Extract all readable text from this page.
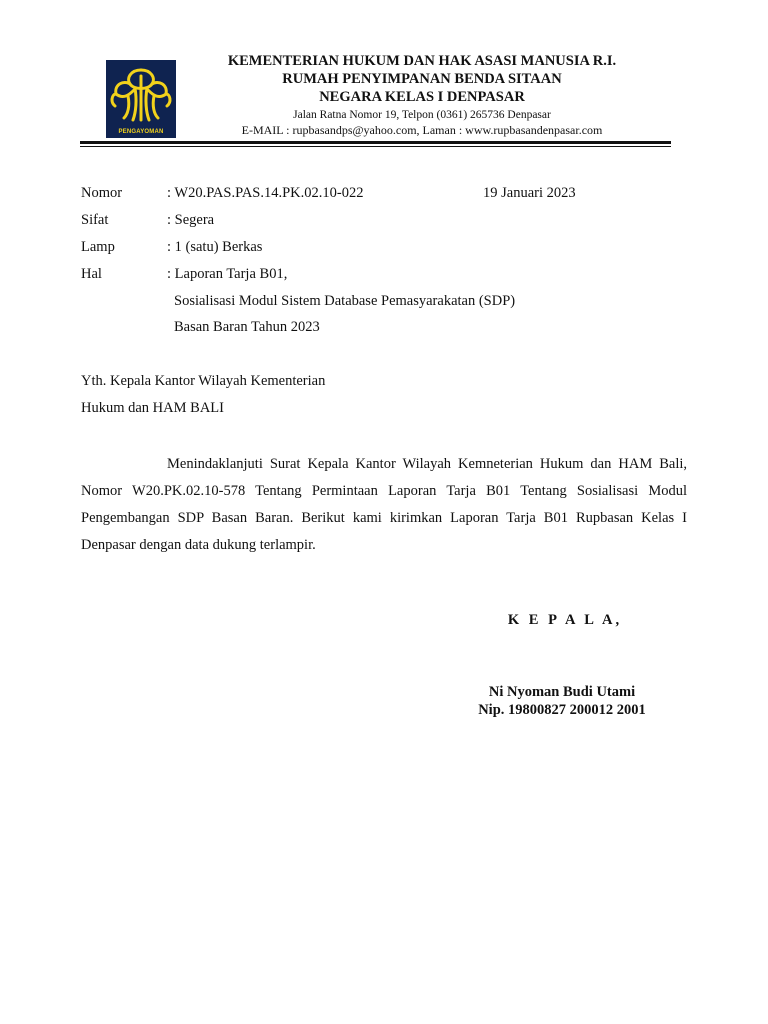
PENGAYOMAN
KEMENTERIAN HUKUM DAN HAK ASASI MANUSIA R.I.
RUMAH PENYIMPANAN BENDA SITAAN
NEGARA KELAS I DENPASAR
Jalan Ratna Nomor 19, Telpon (0361) 265736 Denpasar
E-MAIL : rupbasandps@yahoo.com, Laman : www.rupbasandenpasar.com
Nomor	: W20.PAS.PAS.14.PK.02.10-022	19 Januari 2023
Sifat	: Segera
Lamp	: 1 (satu) Berkas
Hal	: Laporan Tarja B01,
Sosialisasi Modul Sistem Database Pemasyarakatan (SDP)
Basan Baran Tahun 2023
Yth. Kepala Kantor Wilayah Kementerian
Hukum dan HAM BALI
Menindaklanjuti Surat Kepala Kantor Wilayah Kemneterian Hukum dan HAM Bali, Nomor W20.PK.02.10-578 Tentang Permintaan Laporan Tarja B01 Tentang Sosialisasi Modul Pengembangan SDP Basan Baran. Berikut kami kirimkan Laporan Tarja B01 Rupbasan Kelas I Denpasar dengan data dukung terlampir.
K E P A L A,
Ni Nyoman Budi Utami
Nip. 19800827 200012 2001
